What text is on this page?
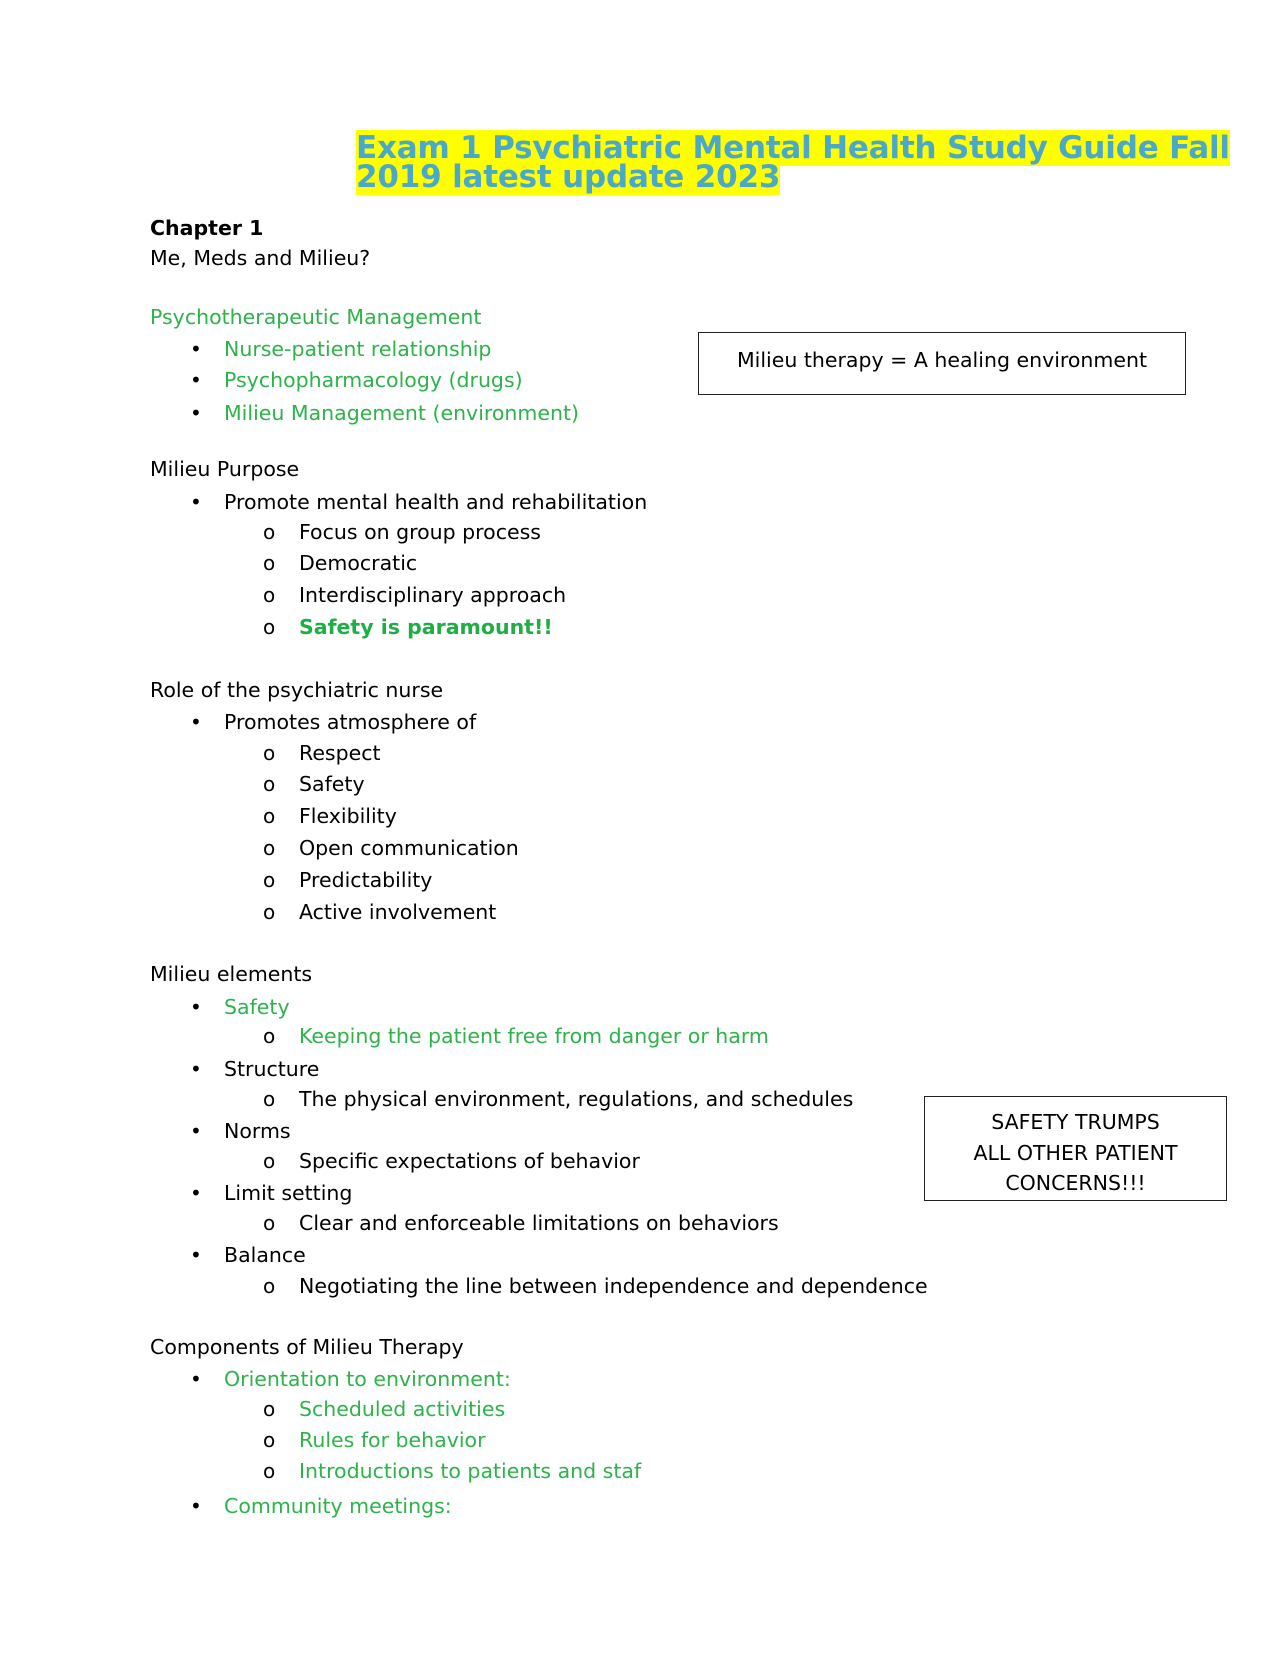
Exam 1 Psychiatric Mental Health Study Guide Fall 2019 latest update 2023
Chapter 1
Me, Meds and Milieu?
Psychotherapeutic Management
• Nurse-patient relationship
• Psychopharmacology (drugs)
• Milieu Management (environment)
Milieu therapy = A healing environment
Milieu Purpose
• Promote mental health and rehabilitation
o Focus on group process
o Democratic
o Interdisciplinary approach
o Safety is paramount!!
Role of the psychiatric nurse
• Promotes atmosphere of
o Respect
o Safety
o Flexibility
o Open communication
o Predictability
o Active involvement
Milieu elements
• Safety
o Keeping the patient free from danger or harm
• Structure
o The physical environment, regulations, and schedules
• Norms
o Specific expectations of behavior
• Limit setting
o Clear and enforceable limitations on behaviors
• Balance
o Negotiating the line between independence and dependence
SAFETY TRUMPS
ALL OTHER PATIENT
CONCERNS!!!
Components of Milieu Therapy
• Orientation to environment:
o Scheduled activities
o Rules for behavior
o Introductions to patients and staf
• Community meetings:
